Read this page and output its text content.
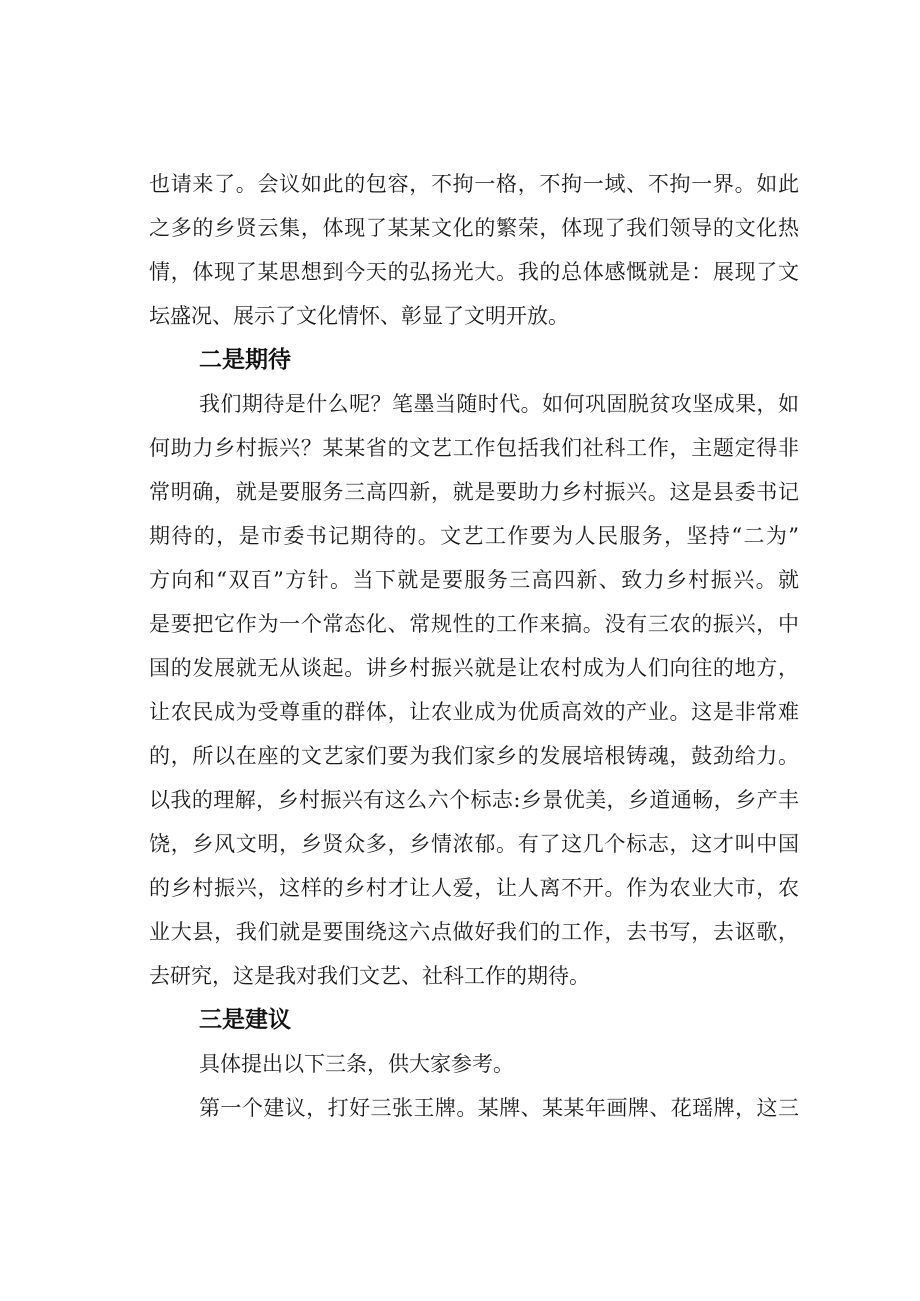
也请来了。会议如此的包容，不拘一格，不拘一域、不拘一界。如此
之多的乡贤云集，体现了某某文化的繁荣，体现了我们领导的文化热
情，体现了某思想到今天的弘扬光大。我的总体感慨就是：展现了文
坛盛况、展示了文化情怀、彰显了文明开放。
二是期待
我们期待是什么呢？笔墨当随时代。如何巩固脱贫攻坚成果，如
何助力乡村振兴？某某省的文艺工作包括我们社科工作，主题定得非
常明确，就是要服务三高四新，就是要助力乡村振兴。这是县委书记
期待的，是市委书记期待的。文艺工作要为人民服务，坚持“二为”
方向和“双百”方针。当下就是要服务三高四新、致力乡村振兴。就
是要把它作为一个常态化、常规性的工作来搞。没有三农的振兴，中
国的发展就无从谈起。讲乡村振兴就是让农村成为人们向往的地方，
让农民成为受尊重的群体，让农业成为优质高效的产业。这是非常难
的，所以在座的文艺家们要为我们家乡的发展培根铸魂，鼓劲给力。
以我的理解，乡村振兴有这么六个标志:乡景优美，乡道通畅，乡产丰
饶，乡风文明，乡贤众多，乡情浓郁。有了这几个标志，这才叫中国
的乡村振兴，这样的乡村才让人爱，让人离不开。作为农业大市，农
业大县，我们就是要围绕这六点做好我们的工作，去书写，去讴歌，
去研究，这是我对我们文艺、社科工作的期待。
三是建议
具体提出以下三条，供大家参考。
第一个建议，打好三张王牌。某牌、某某年画牌、花瑶牌，这三
